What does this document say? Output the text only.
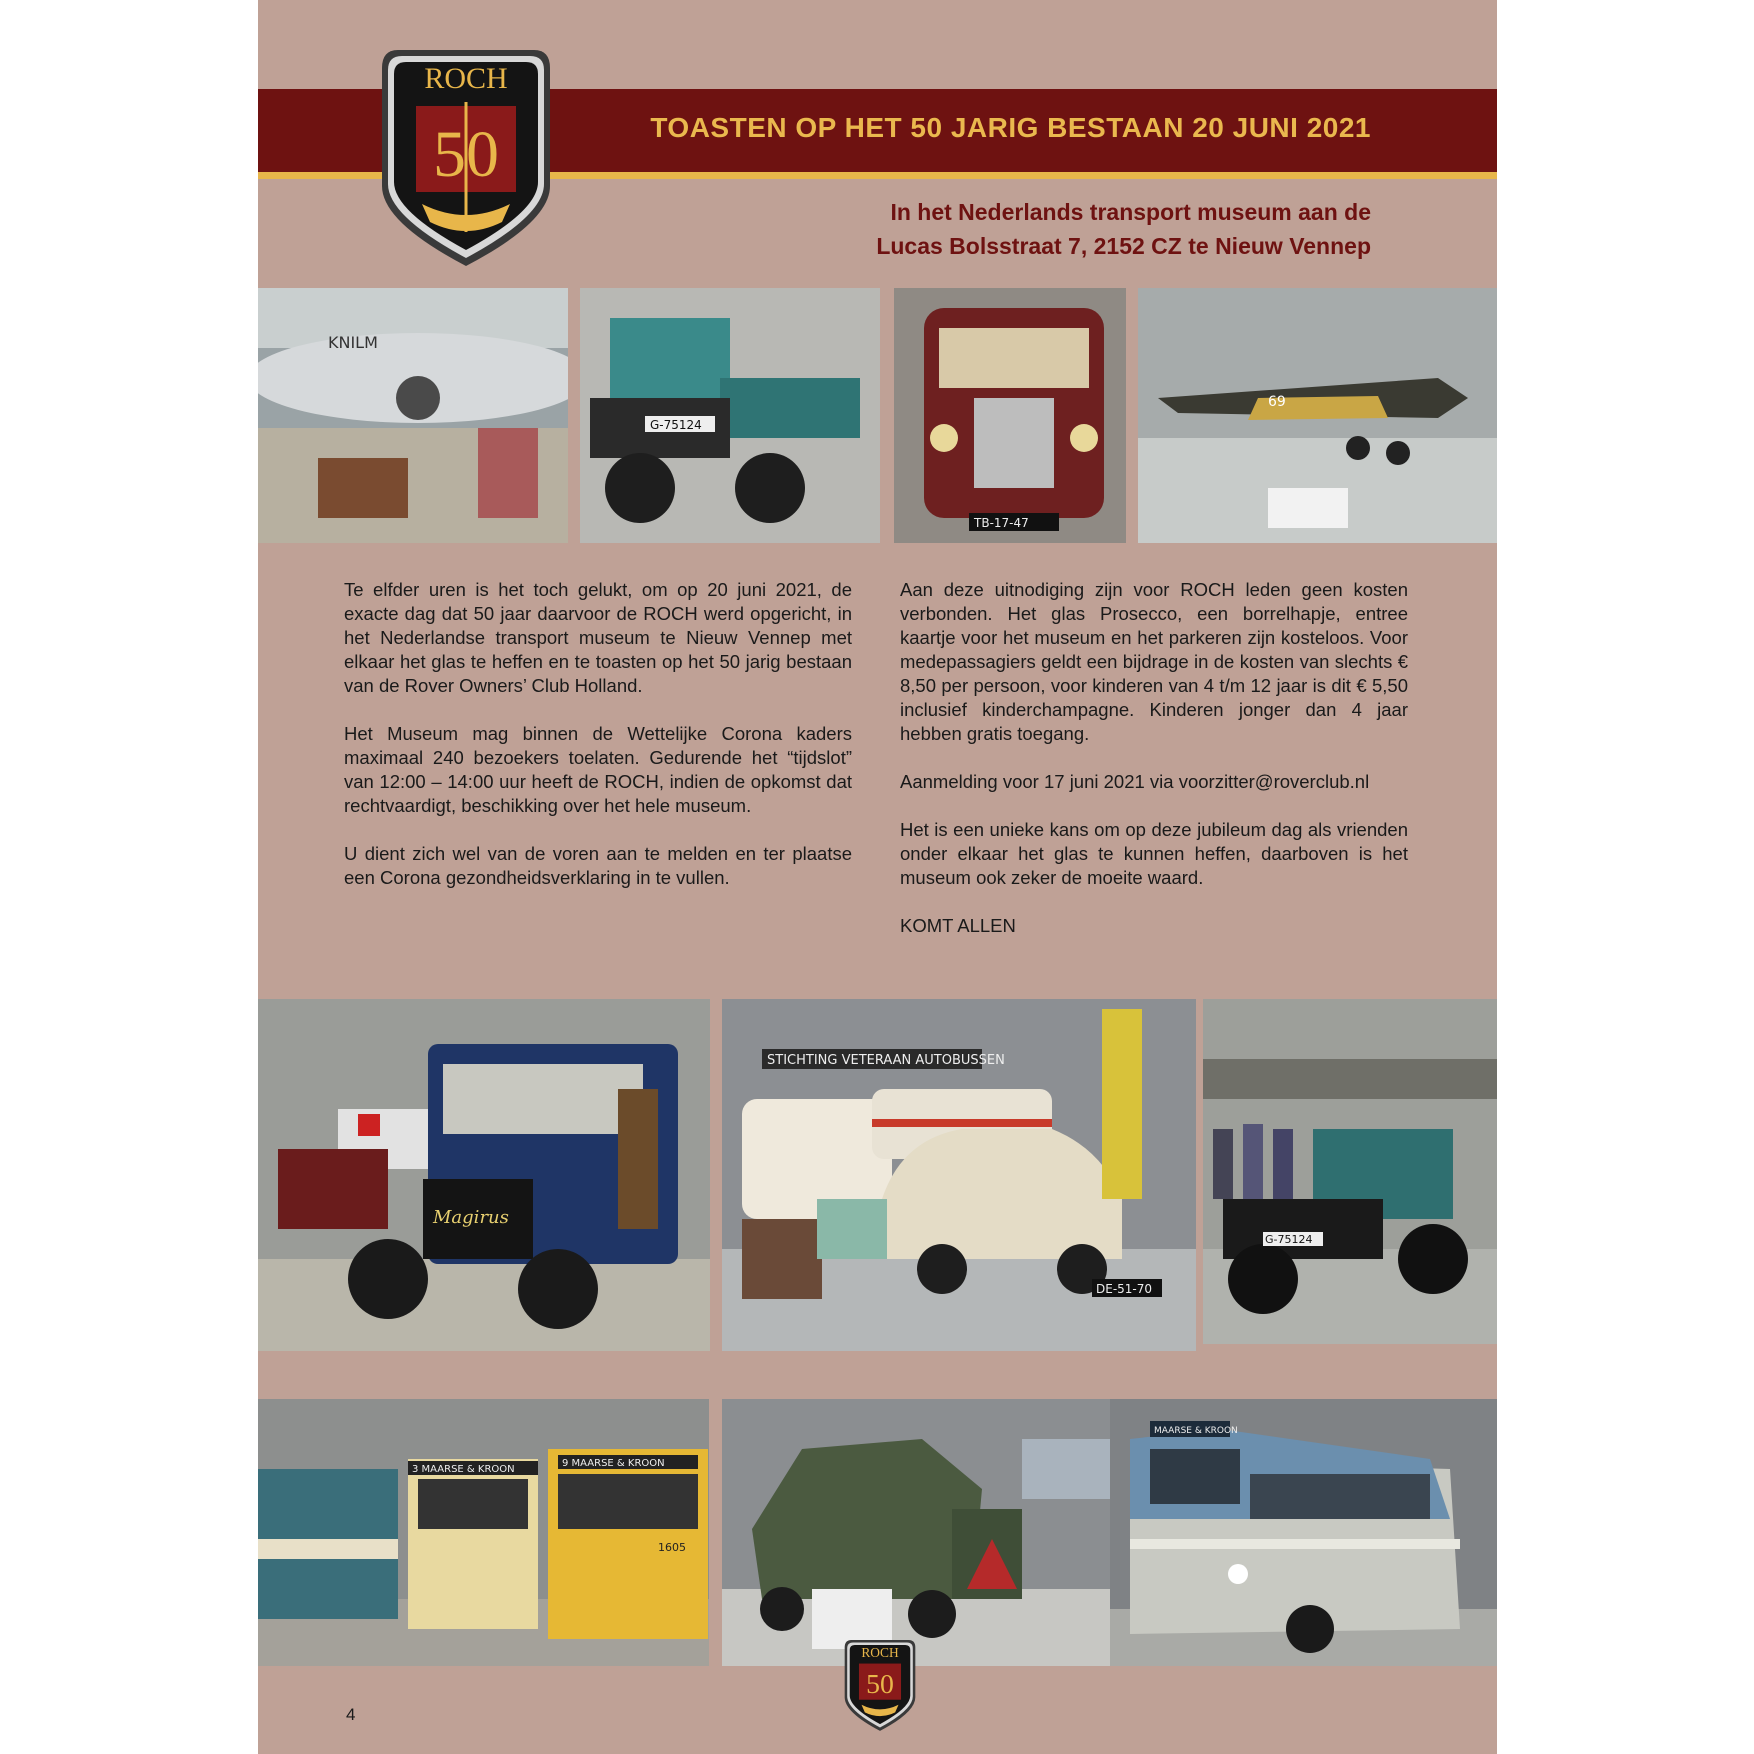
TOASTEN OP HET 50 JARIG BESTAAN 20 JUNI 2021
In het Nederlands transport museum aan de
Lucas Bolsstraat 7, 2152 CZ te Nieuw Vennep
ROCH
50
KNILM
G-75124
TB-17-47
69

Te elfder uren is het toch gelukt, om op 20 juni 2021, de exacte dag dat 50 jaar daarvoor de ROCH werd opgericht, in het Nederlandse transport museum te Nieuw Vennep met elkaar het glas te heffen en te toasten op het 50 jarig bestaan van de Rover Owners’ Club Holland.

Het Museum mag binnen de Wettelijke Corona kaders maximaal 240 bezoekers toelaten. Gedurende het “tijdslot” van 12:00 – 14:00 uur heeft de ROCH, indien de opkomst dat rechtvaardigt, beschikking over het hele museum.

U dient zich wel van de voren aan te melden en ter plaatse een Corona gezondheidsverklaring in te vullen.

Aan deze uitnodiging zijn voor ROCH leden geen kosten verbonden. Het glas Prosecco, een borrelhapje, entree kaartje voor het museum en het parkeren zijn kosteloos. Voor medepassagiers geldt een bijdrage in de kosten van slechts € 8,50 per persoon, voor kinderen van 4 t/m 12 jaar is dit € 5,50 inclusief kinderchampagne. Kinderen jonger dan 4 jaar hebben gratis toegang.

Aanmelding voor 17 juni 2021 via voorzitter@roverclub.nl

Het is een unieke kans om op deze jubileum dag als vrienden onder elkaar het glas te kunnen heffen, daarboven is het museum ook zeker de moeite waard.

KOMT ALLEN

Magirus
STICHTING VETERAAN AUTOBUSSEN
DE-51-70
G-75124
3 MAARSE & KROON
9 MAARSE & KROON
1605
MAARSE & KROON
ROCH
50
4
